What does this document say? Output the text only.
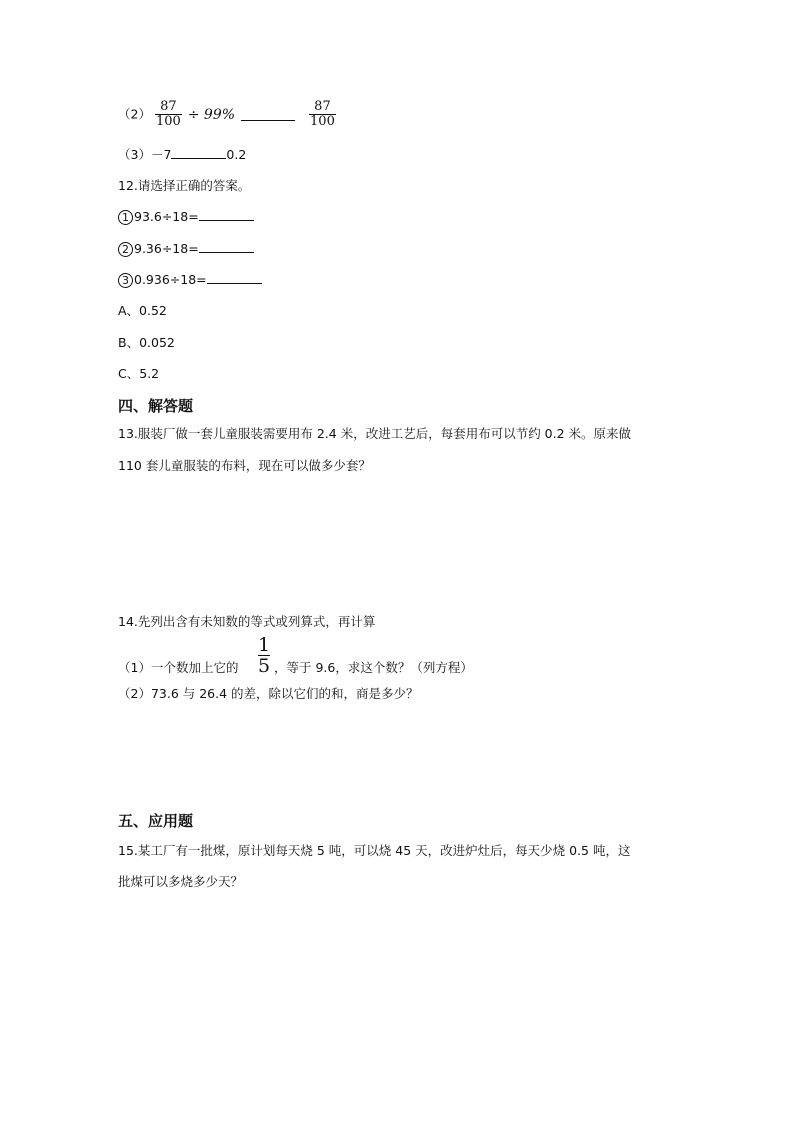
$(2) \frac{87}{100} \div 99\%$	$\frac{87}{100}$
（3）－7	0.2
12.请选择正确的答案。
1 93.6÷18=
2 9.36÷18=
3 0.936÷18=
A、0.52
B、0.052
C、5.2
四、解答题
13.服装厂做一套儿童服装需要用布 2.4 米，改进工艺后，每套用布可以节约 0.2 米。原来做
110 套儿童服装的布料，现在可以做多少套？
14.先列出含有未知数的等式或列算式，再计算
（1）一个数加上它的 $\frac{1}{5}$ ，等于 9.6，求这个数？（列方程）
（2）73.6 与 26.4 的差，除以它们的和，商是多少？
五、应用题
15.某工厂有一批煤，原计划每天烧 5 吨，可以烧 45 天，改进炉灶后，每天少烧 0.5 吨，这
批煤可以多烧多少天？
